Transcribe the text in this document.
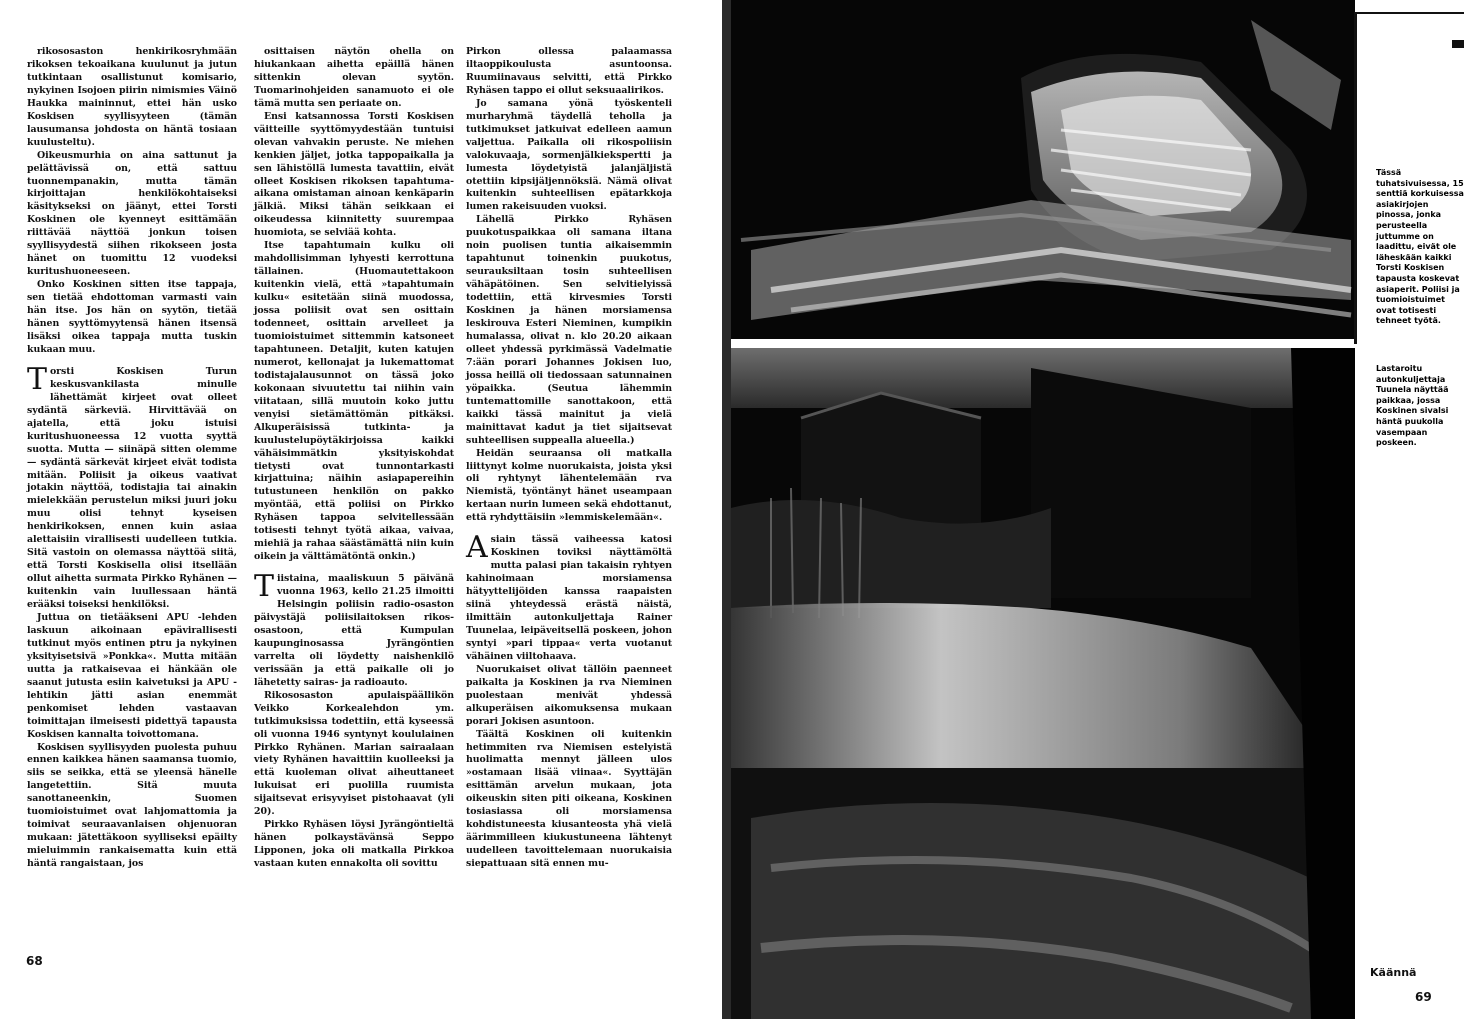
rikososaston henkirikosryhmään rikoksen tekoaikana kuulunut ja jutun tutkintaan osallistunut komisario, nykyinen Isojoen piirin nimismies Väinö Haukka maininnut, ettei hän usko Koskisen syyllisyyteen (tämän lausumansa johdosta on häntä tosiaan kuulusteltu).

Oikeusmurhia on aina sattunut ja pelättävissä on, että sattuu tuonnempanakin, mutta tämän kirjoittajan henkilökohtaiseksi käsitykseksi on jäänyt, ettei Torsti Koskinen ole kyenneyt esittämään riittävää näyttöä jonkun toisen syyllisyydestä siihen rikokseen josta hänet on tuomittu 12 vuodeksi kuritushuoneeseen.

Onko Koskinen sitten itse tappaja, sen tietää ehdottoman varmasti vain hän itse. Jos hän on syytön, tietää hänen syyttömyytensä hänen itsensä lisäksi oikea tappaja mutta tuskin kukaan muu.

Torsti Koskisen Turun keskusvankilasta minulle lähettämät kirjeet ovat olleet sydäntä särkeviä. Hirvittävää on ajatella, että joku istuisi kuritushuoneessa 12 vuotta syyttä suotta. Mutta — siinäpä sitten olemme — sydäntä särkevät kirjeet eivät todista mitään. Poliisit ja oikeus vaativat jotakin näyttöä, todistajia tai ainakin mielekkään perustelun miksi juuri joku muu olisi tehnyt kyseisen henkirikoksen, ennen kuin asiaa alettaisiin virallisesti uudelleen tutkia. Sitä vastoin on olemassa näyttöä siitä, että Torsti Koskisella olisi itsellään ollut aihetta surmata Pirkko Ryhänen — kuitenkin vain luullessaan häntä erääksi toiseksi henkilöksi.

Juttua on tietääkseni APU -lehden laskuun aikoinaan epävirallisesti tutkinut myös entinen ptru ja nykyinen yksityisetsivä »Ponkka«. Mutta mitään uutta ja ratkaisevaa ei hänkään ole saanut jutusta esiin kaivetuksi ja APU -lehtikin jätti asian enemmät penkomiset lehden vastaavan toimittajan ilmeisesti pidettyä tapausta Koskisen kannalta toivottomana.

Koskisen syyllisyyden puolesta puhuu ennen kaikkea hänen saamansa tuomio, siis se seikka, että se yleensä hänelle langetettiin. Sitä muuta sanottaneenkin, Suomen tuomioistuimet ovat lahjomattomia ja toimivat seuraavanlaisen ohjenuoran mukaan: jätettäkoon syylliseksi epäilty mieluimmin rankaisematta kuin että häntä rangaistaan, jos

osittaisen näytön ohella on hiukankaan aihetta epäillä hänen sittenkin olevan syytön. Tuomarinohjeiden sanamuoto ei ole tämä mutta sen periaate on.

Ensi katsannossa Torsti Koskisen väitteille syyttömyydestään tuntuisi olevan vahvakin peruste. Ne miehen kenkien jäljet, jotka tappopaikalla ja sen lähistöllä lumesta tavattiin, eivät olleet Koskisen rikoksen tapahtuma-aikana omistaman ainoan kenkäparin jälkiä. Miksi tähän seikkaan ei oikeudessa kiinnitetty suurempaa huomiota, se selviää kohta.

Itse tapahtumain kulku oli mahdollisimman lyhyesti kerrottuna tällainen. (Huomautettakoon kuitenkin vielä, että »tapahtumain kulku« esitetään siinä muodossa, jossa poliisit ovat sen osittain todenneet, osittain arvelleet ja tuomioistuimet sittemmin katsoneet tapahtuneen. Detaljit, kuten katujen numerot, kellonajat ja lukemattomat todistajalausunnot on tässä joko kokonaan sivuutettu tai niihin vain viitataan, sillä muutoin koko juttu venyisi sietämättömän pitkäksi. Alkuperäisissä tutkinta- ja kuulustelupöytäkirjoissa kaikki vähäisimmätkin yksityiskohdat tietysti ovat tunnontarkasti kirjattuina; näihin asiapapereihin tutustuneen henkilön on pakko myöntää, että poliisi on Pirkko Ryhäsen tappoa selvitellessään totisesti tehnyt työtä aikaa, vaivaa, miehiä ja rahaa säästämättä niin kuin oikein ja välttämätöntä onkin.)

Tiistaina, maaliskuun 5 päivänä vuonna 1963, kello 21.25 ilmoitti Helsingin poliisin radio-osaston päivystäjä poliisilaitoksen rikos-osastoon, että Kumpulan kaupunginosassa Jyrängöntien varrelta oli löydetty naishenkilö verissään ja että paikalle oli jo lähetetty sairas- ja radioauto.

Rikososaston apulaispäällikön Veikko Korkealehdon ym. tutkimuksissa todettiin, että kyseessä oli vuonna 1946 syntynyt koululainen Pirkko Ryhänen. Marian sairaalaan viety Ryhänen havaittiin kuolleeksi ja että kuoleman olivat aiheuttaneet lukuisat eri puolilla ruumista sijaitsevat erisyvyiset pistohaavat (yli 20).

Pirkko Ryhäsen löysi Jyrängöntieltä hänen polkaystävänsä Seppo Lipponen, joka oli matkalla Pirkkoa vastaan kuten ennakolta oli sovittu

Pirkon ollessa palaamassa iltaoppikoulusta asuntoonsa. Ruumiinavaus selvitti, että Pirkko Ryhäsen tappo ei ollut seksuaalirikos.

Jo samana yönä työskenteli murharyhmä täydellä teholla ja tutkimukset jatkuivat edelleen aamun valjettua. Paikalla oli rikospoliisin valokuvaaja, sormenjälkiekspertti ja lumesta löydetyistä jalanjäljistä otettiin kipsijäljennöksiä. Nämä olivat kuitenkin suhteellisen epätarkkoja lumen rakeisuuden vuoksi.

Lähellä Pirkko Ryhäsen puukotuspaikkaa oli samana iltana noin puolisen tuntia aikaisemmin tapahtunut toinenkin puukotus, seurauksiltaan tosin suhteellisen vähäpätöinen. Sen selvitielyissä todettiin, että kirvesmies Torsti Koskinen ja hänen morsiamensa leskirouva Esteri Nieminen, kumpikin humalassa, olivat n. klo 20.20 aikaan olleet yhdessä pyrkimässä Vadelmatie 7:ään porari Johannes Jokisen luo, jossa heillä oli tiedossaan satunnainen yöpaikka. (Seutua lähemmin tuntemattomille sanottakoon, että kaikki tässä mainitut ja vielä mainittavat kadut ja tiet sijaitsevat suhteellisen suppealla alueella.)

Heidän seuraansa oli matkalla liittynyt kolme nuorukaista, joista yksi oli ryhtynyt lähentelemään rva Niemistä, työntänyt hänet useampaan kertaan nurin lumeen sekä ehdottanut, että ryhdyttäisiin »lemmiskelemään«.

Asiain tässä vaiheessa katosi Koskinen toviksi näyttämöltä mutta palasi pian takaisin ryhtyen kahinoimaan morsiamensa hätyyttelijöiden kanssa raapaisten siinä yhteydessä erästä näistä, ilmittäin autonkuljettaja Rainer Tuunelaa, leipäveitsellä poskeen, johon syntyi »pari tippaa« verta vuotanut vähäinen viiltohaava.

Nuorukaiset olivat tällöin paenneet paikalta ja Koskinen ja rva Nieminen puolestaan menivät yhdessä alkuperäisen aikomuksensa mukaan porari Jokisen asuntoon.

Täältä Koskinen oli kuitenkin hetimmiten rva Niemisen estelyistä huolimatta mennyt jälleen ulos »ostamaan lisää viinaa«. Syyttäjän esittämän arvelun mukaan, jota oikeuskin siten piti oikeana, Koskinen tosiasiassa oli morsiamensa kohdistuneesta kiusanteosta yhä vielä äärimmilleen kiukustuneena lähtenyt uudelleen tavoittelemaan nuorukaisia siepattuaan sitä ennen mu-

68
Tässä tuhatsivuisessa, 15 senttiä korkuisessa asiakirjojen pinossa, jonka perusteella juttumme on laadittu, eivät ole läheskään kaikki Torsti Koskisen tapausta koskevat asiaperit. Poliisi ja tuomioistuimet ovat totisesti tehneet työtä.
Lastaroitu autonkuljettaja Tuunela näyttää paikkaa, jossa Koskinen sivalsi häntä puukolla vasempaan poskeen.
Käännä
69
